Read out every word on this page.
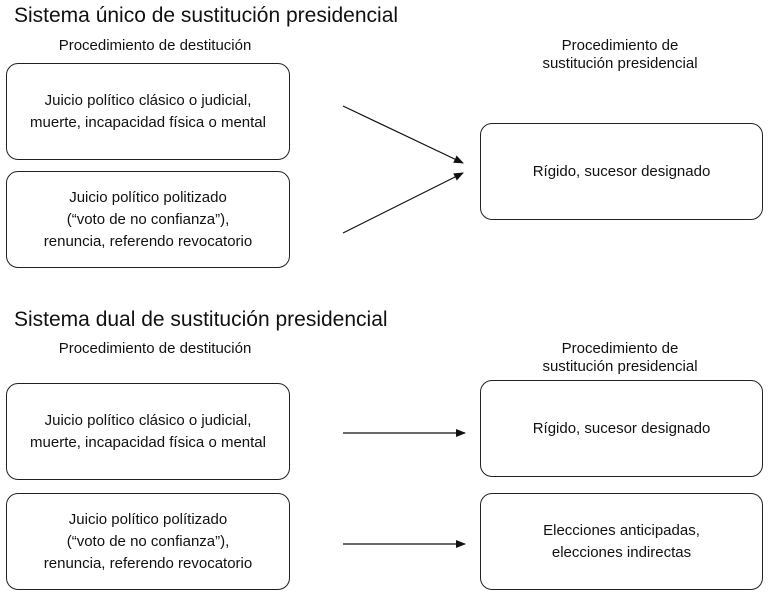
Sistema único de sustitución presidencial
Procedimiento de destitución	Procedimiento de
sustitución presidencial
Juicio político clásico o judicial,
muerte, incapacidad física o mental
Juicio político politizado
(“voto de no confianza”),
renuncia, referendo revocatorio
Rígido, sucesor designado
Sistema dual de sustitución presidencial
Procedimiento de destitución	Procedimiento de
sustitución presidencial
Juicio político clásico o judicial,
muerte, incapacidad física o mental
Juicio político polítizado
(“voto de no confianza”),
renuncia, referendo revocatorio
Rígido, sucesor designado
Elecciones anticipadas,
elecciones indirectas
